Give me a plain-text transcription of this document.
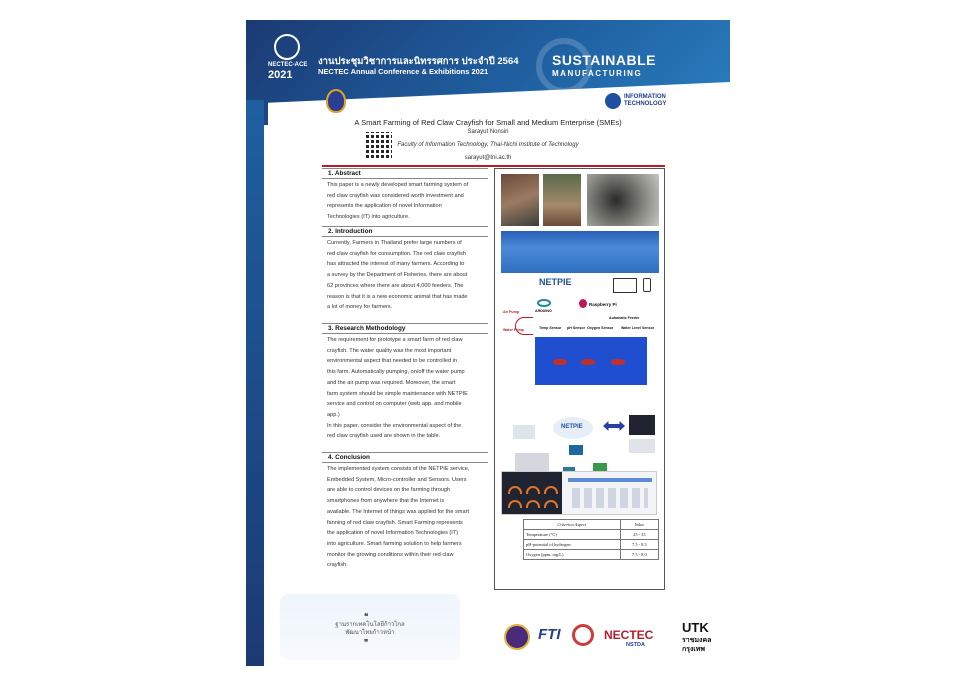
NECTEC-ACE
2021
งานประชุมวิชาการและนิทรรศการ ประจำปี 2564
NECTEC Annual Conference & Exhibitions 2021
SUSTAINABLE
MANUFACTURING
INFORMATION
TECHNOLOGY
A Smart Farming of Red Claw Crayfish for Small and Medium Enterprise (SMEs)
Sarayut Nonsiri
Faculty of Information Technology, Thai-Nichi Institute of Technology
sarayut@tni.ac.th
1. Abstract
This paper is a newly developed smart farming system of
red claw crayfish was considered worth investment and
represents the application of novel Information
Technologies (IT) into agriculture.
2. Introduction
Currently, Farmers in Thailand prefer large numbers of
red claw crayfish for consumption. The red claw crayfish
has attracted the interest of many farmers. According to
a survey by the Department of Fisheries, there are about
62 provinces where there are about 4,000 feeders. The
reason is that it is a new economic animal that has made
a lot of money for farmers.
3. Research Methodology
The requirement for prototype a smart farm of red claw
crayfish. The water quality was the most important
environmental aspect that needed to be controlled in
this farm. Automatically pumping, on/off the water pump
and the air pump was required. Moreover, the smart
farm system should be simple maintenance with NETPIE
service and control on computer (web app. and mobile
app.)
In this paper, consider the environmental aspect of the
red claw crayfish used are shown in the table.
4. Conclusion
The implemented system consists of the NETPIE service,
Embedded System, Micro-controller and Sensors. Users
are able to control devices on the farming through
smartphones from anywhere that the Internet is
available. The Internet of things was applied for the smart
fanning of red claw crayfish. Smart Farming represents
the application of novel Information Technologies (IT)
into agriculture. Smart farming solution to help farmers
monitor the growing conditions within their red claw
crayfish.
NETPIE
ARDUINO
Raspberry Pi
Air Pump
Water Pump	Temp Sensor pH Sensor Oxygen Sensor Water Level Sensor
Automatic Feeder
NETPIE
Criterion Aspect	Value
Temperature (°C)	25 - 35
pH-potential of hydrogen	7.5 - 8.5
Oxygen (ppm, mg/L)	7.5 - 8.0
❝
ฐานรากเทคโนโลยีก้าวไกล
พัฒนาไทยก้าวหน้า
❞	FTI	NECTEC
NSTDA
UTK
ราชมงคล
กรุงเทพ
